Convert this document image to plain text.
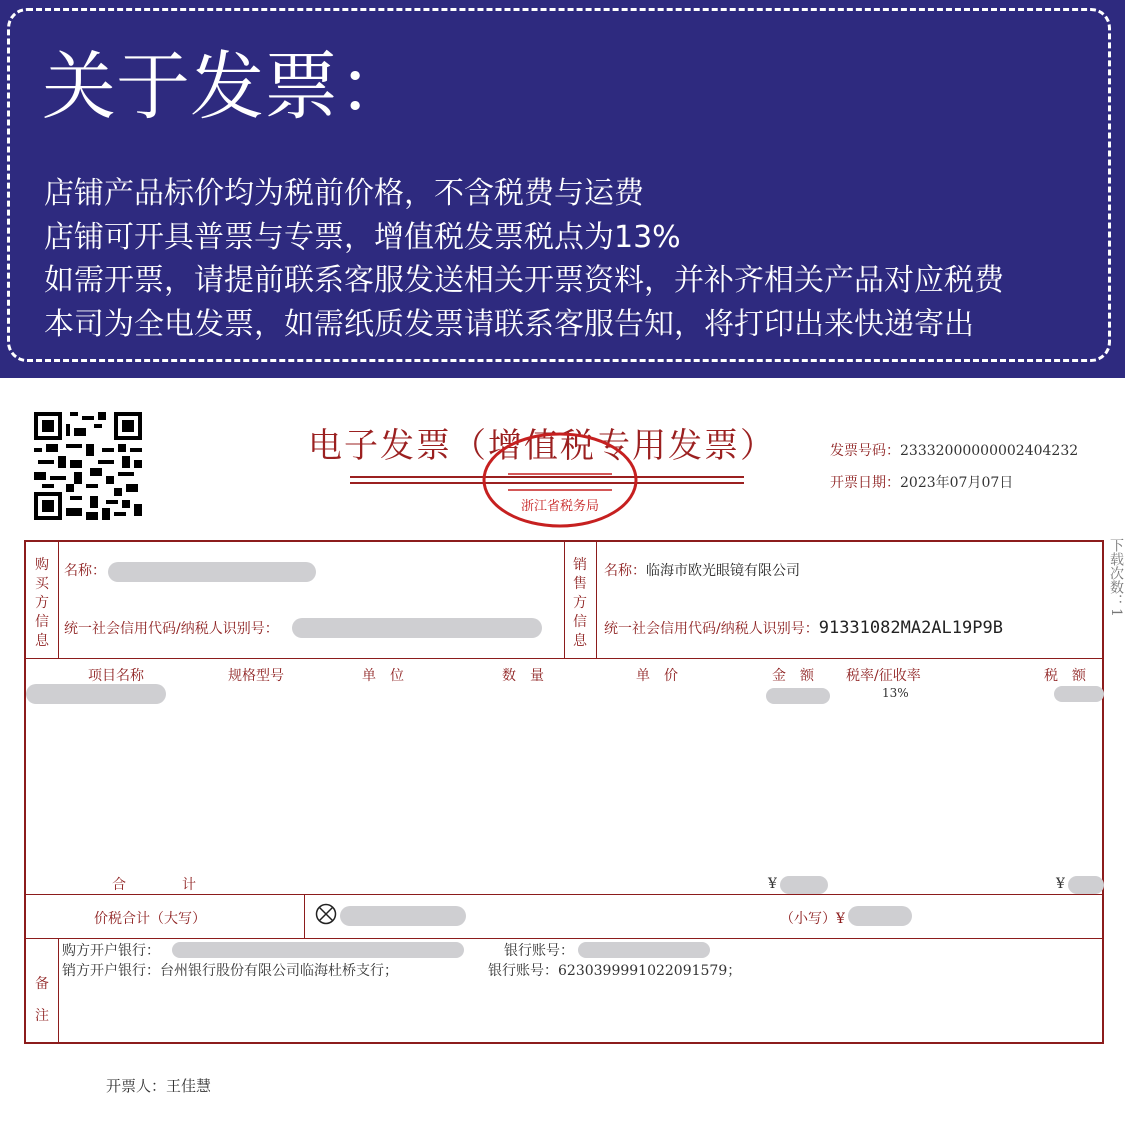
关于发票：
店铺产品标价均为税前价格，不含税费与运费
店铺可开具普票与专票，增值税发票税点为13%
如需开票，请提前联系客服发送相关开票资料，并补齐相关产品对应税费
本司为全电发票，如需纸质发票请联系客服告知，将打印出来快递寄出
电子发票（增值税专用发票）
浙江省税务局
发票号码：23332000000002404232
开票日期：2023年07月07日
下载次数：1
购买方信息
名称：
统一社会信用代码/纳税人识别号：
销售方信息
名称：临海市欧光眼镜有限公司
统一社会信用代码/纳税人识别号：91331082MA2AL19P9B
项目名称	规格型号	单　位	数　量	单　价	金　额 税率/征收率	税　额
13%
合　　　　计	¥	¥
价税合计（大写）	（小写）¥
备注
购方开户银行：	银行账号：
销方开户银行：台州银行股份有限公司临海杜桥支行；	银行账号：6230399991022091579；
开票人：王佳慧
